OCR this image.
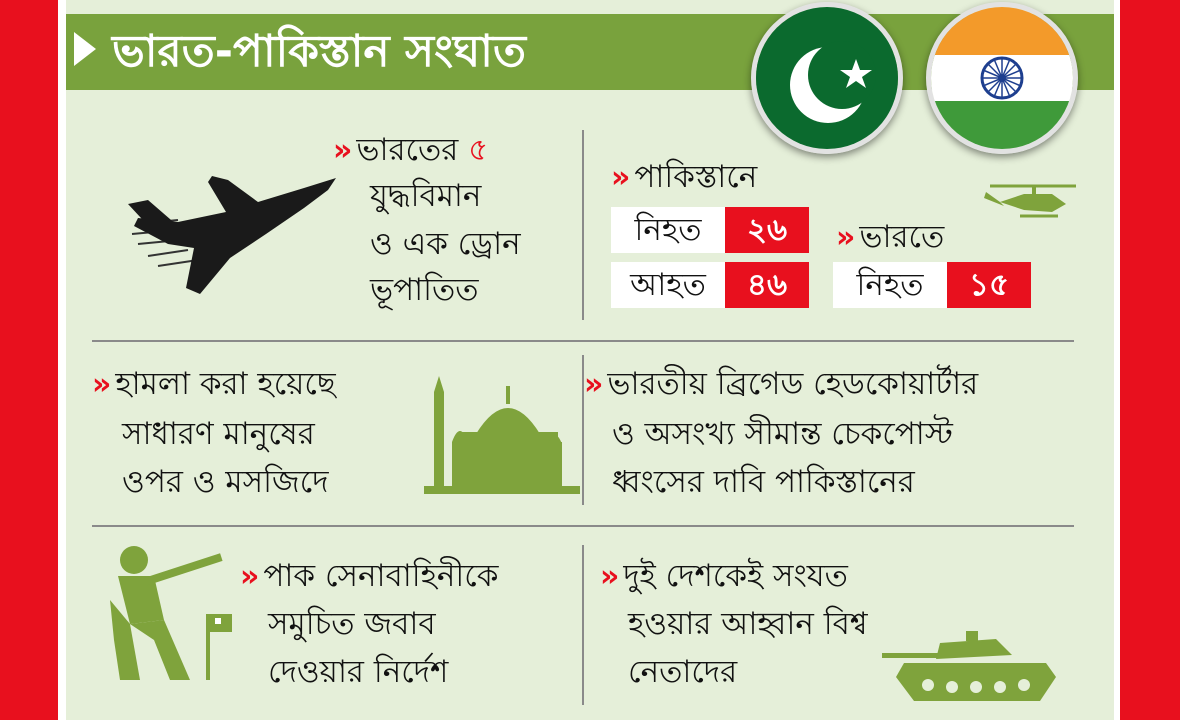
ভারত-পাকিস্তান সংঘাত
» ভারতের ৫
যুদ্ধবিমান
ও এক ড্রোন
ভূপাতিত
» পাকিস্তানে
নিহত	২৬
আহত	৪৬
» ভারতে
নিহত	১৫
» হামলা করা হয়েছে
সাধারণ মানুষের
ওপর ও মসজিদে
» ভারতীয় ব্রিগেড হেডকোয়ার্টার
ও অসংখ্য সীমান্ত চেকপোস্ট
ধ্বংসের দাবি পাকিস্তানের
» পাক সেনাবাহিনীকে
সমুচিত জবাব
দেওয়ার নির্দেশ
» দুই দেশকেই সংযত
হওয়ার আহ্বান বিশ্ব
নেতাদের
